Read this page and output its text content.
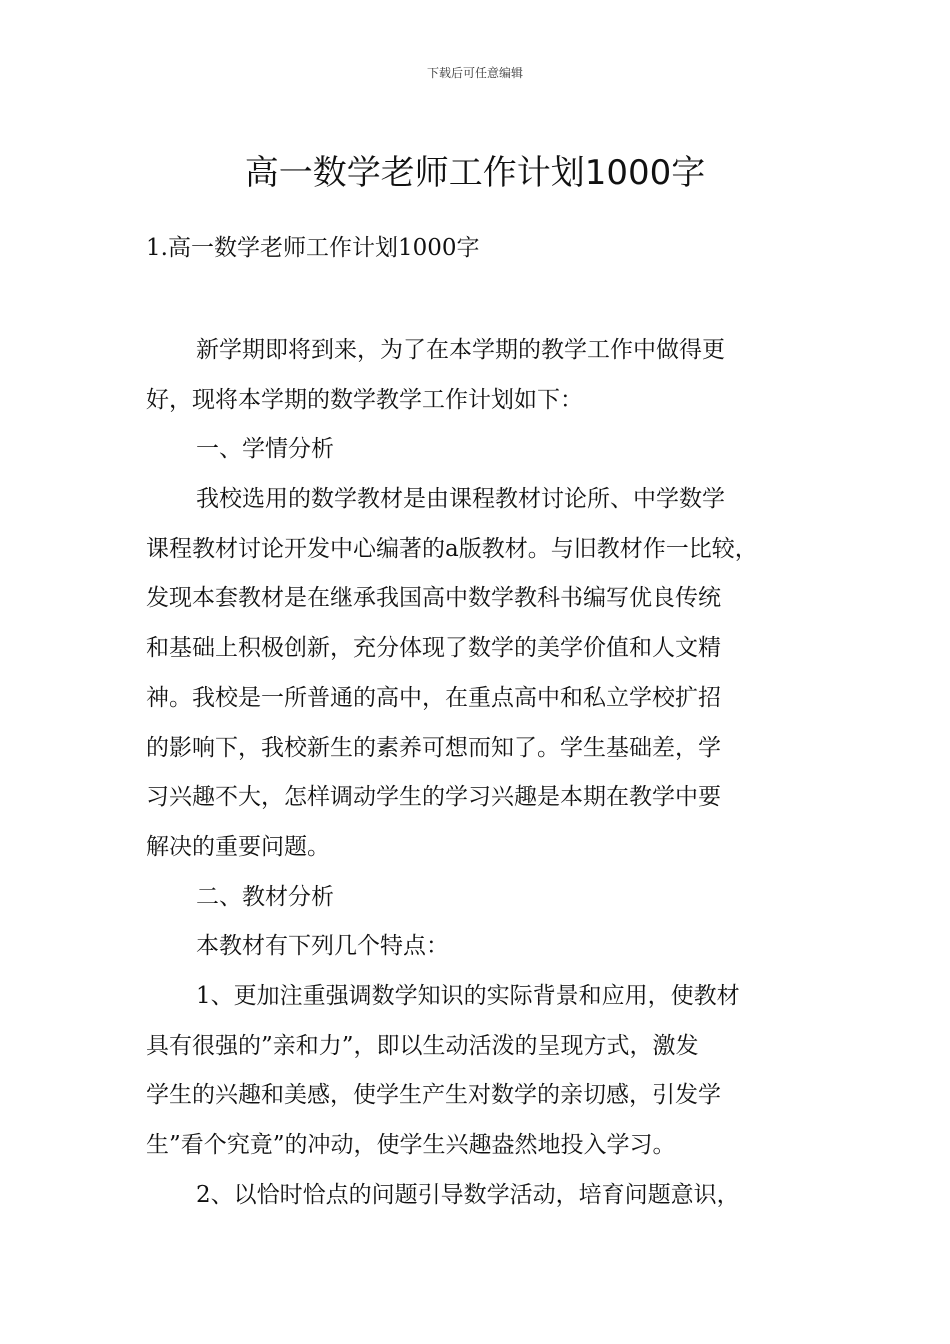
下载后可任意编辑
高一数学老师工作计划1000字
1.高一数学老师工作计划1000字
新学期即将到来，为了在本学期的教学工作中做得更
好，现将本学期的数学教学工作计划如下：
一、学情分析
我校选用的数学教材是由课程教材讨论所、中学数学
课程教材讨论开发中心编著的a版教材。与旧教材作一比较，
发现本套教材是在继承我国高中数学教科书编写优良传统
和基础上积极创新，充分体现了数学的美学价值和人文精
神。我校是一所普通的高中，在重点高中和私立学校扩招
的影响下，我校新生的素养可想而知了。学生基础差，学
习兴趣不大，怎样调动学生的学习兴趣是本期在教学中要
解决的重要问题。
二、教材分析
本教材有下列几个特点：
1、更加注重强调数学知识的实际背景和应用，使教材
具有很强的”亲和力”，即以生动活泼的呈现方式，激发
学生的兴趣和美感，使学生产生对数学的亲切感，引发学
生”看个究竟”的冲动，使学生兴趣盎然地投入学习。
2、以恰时恰点的问题引导数学活动，培育问题意识，
